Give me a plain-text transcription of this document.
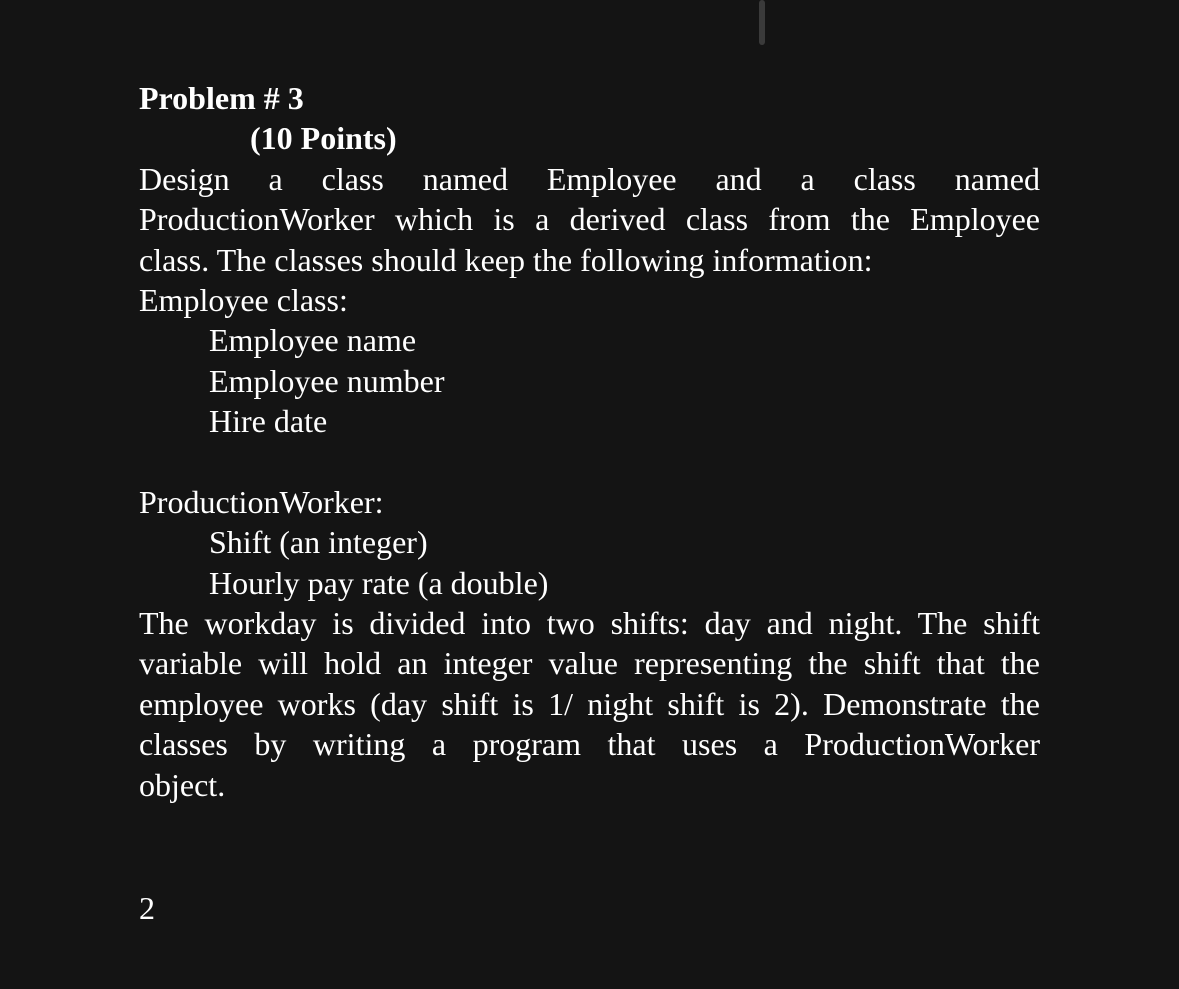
Problem # 3
(10 Points)
Design a class named Employee and a class named
ProductionWorker which is a derived class from the Employee
class. The classes should keep the following information:
Employee class:
Employee name
Employee number
Hire date
ProductionWorker:
Shift (an integer)
Hourly pay rate (a double)
The workday is divided into two shifts: day and night. The shift
variable will hold an integer value representing the shift that the
employee works (day shift is 1/ night shift is 2). Demonstrate the
classes by writing a program that uses a ProductionWorker
object.
2
